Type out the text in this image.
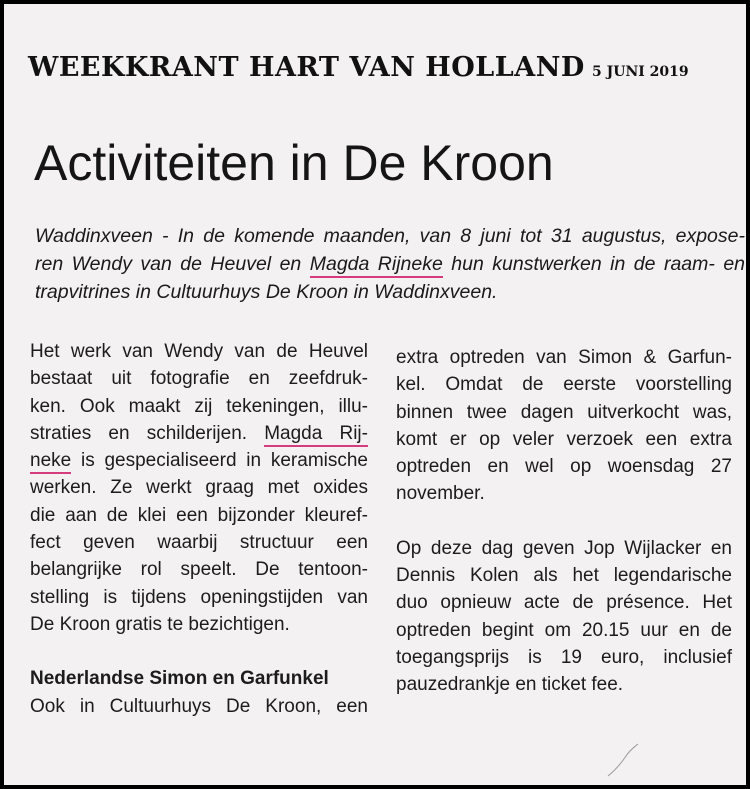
WEEKKRANT HART VAN HOLLAND 5 JUNI 2019
Activiteiten in De Kroon
Waddinxveen - In de komende maanden, van 8 juni tot 31 augustus, expose-
ren Wendy van de Heuvel en Magda Rijneke hun kunstwerken in de raam- en
trapvitrines in Cultuurhuys De Kroon in Waddinxveen.
Het werk van Wendy van de Heuvel
bestaat uit fotografie en zeefdruk-
ken. Ook maakt zij tekeningen, illu-
straties en schilderijen. Magda Rij-
neke is gespecialiseerd in keramische
werken. Ze werkt graag met oxides
die aan de klei een bijzonder kleuref-
fect geven waarbij structuur een
belangrijke rol speelt. De tentoon-
stelling is tijdens openingstijden van
De Kroon gratis te bezichtigen.
Nederlandse Simon en Garfunkel
Ook in Cultuurhuys De Kroon, een
extra optreden van Simon & Garfun-
kel. Omdat de eerste voorstelling
binnen twee dagen uitverkocht was,
komt er op veler verzoek een extra
optreden en wel op woensdag 27
november.
Op deze dag geven Jop Wijlacker en
Dennis Kolen als het legendarische
duo opnieuw acte de présence. Het
optreden begint om 20.15 uur en de
toegangsprijs is 19 euro, inclusief
pauzedrankje en ticket fee.
